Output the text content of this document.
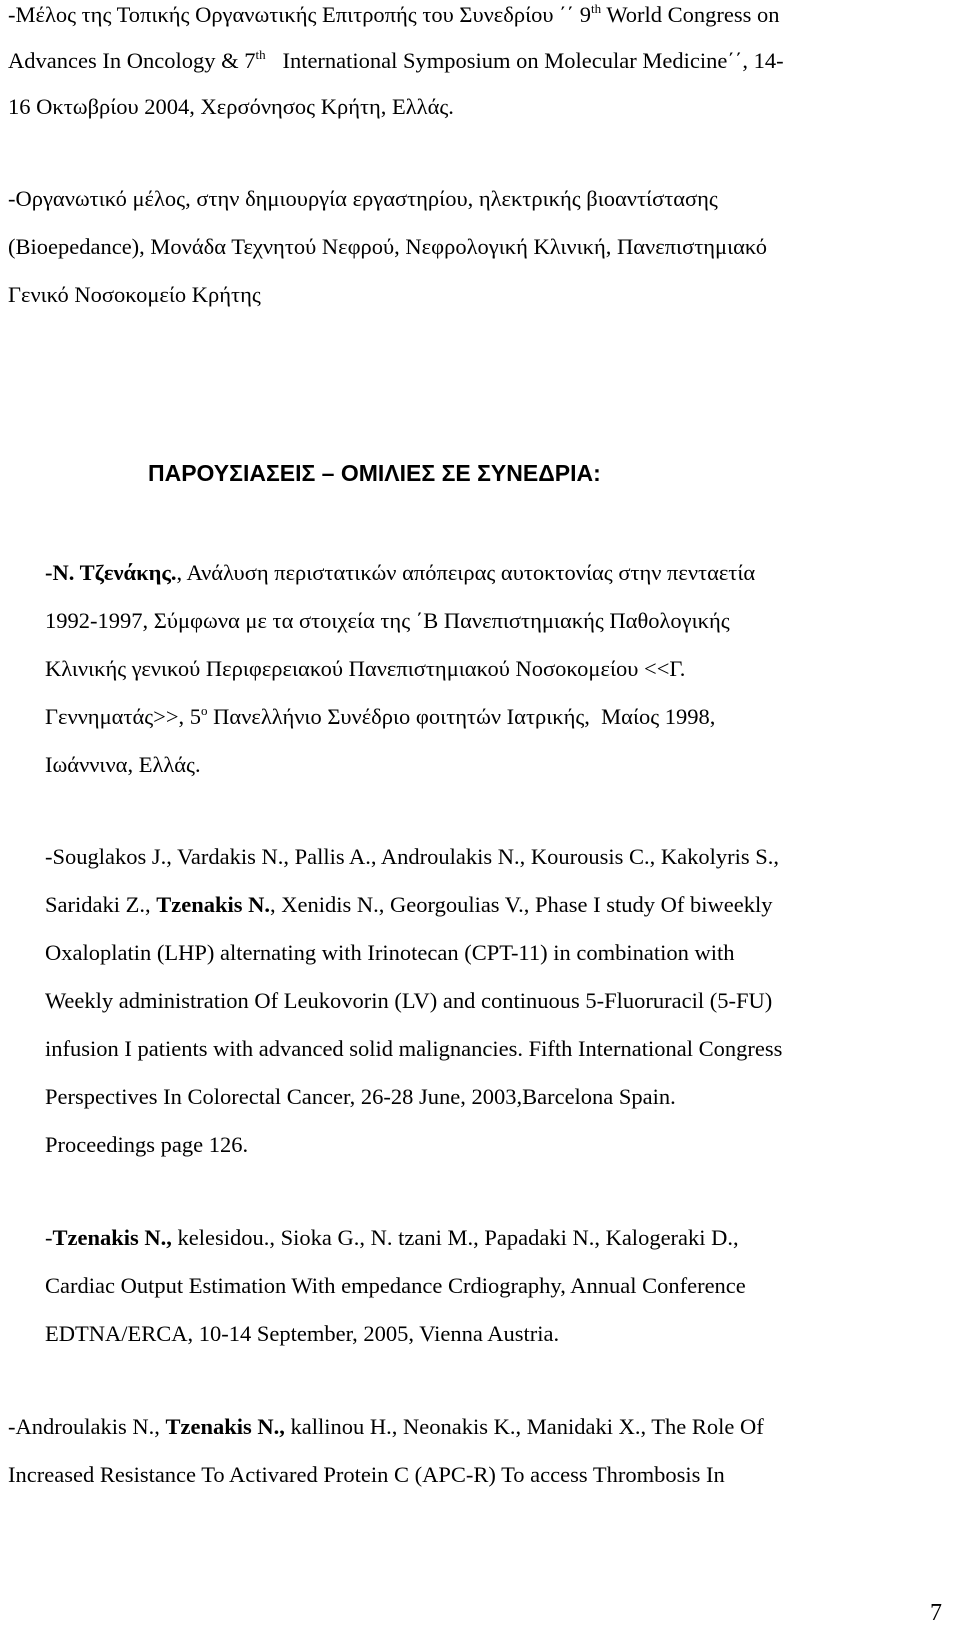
-Μέλος της Τοπικής Οργανωτικής Επιτροπής του Συνεδρίου ΄΄ 9th World Congress on
Advances In Oncology & 7th   International Symposium on Molecular Medicine΄΄, 14-
16 Οκτωβρίου 2004, Χερσόνησος Κρήτη, Ελλάς.
-Οργανωτικό μέλος, στην δημιουργία εργαστηρίου, ηλεκτρικής βιοαντίστασης
(Bioepedance), Μονάδα Τεχνητού Νεφρού, Νεφρολογική Κλινική, Πανεπιστημιακό
Γενικό Νοσοκομείο Κρήτης
ΠΑΡΟΥΣΙΑΣΕΙΣ – ΟΜΙΛΙΕΣ ΣΕ ΣΥΝΕΔΡΙΑ:
-Ν. Τζενάκης., Ανάλυση περιστατικών απόπειρας αυτοκτονίας στην πενταετία
1992-1997, Σύμφωνα με τα στοιχεία της ΄Β Πανεπιστημιακής Παθολογικής
Κλινικής γενικού Περιφερειακού Πανεπιστημιακού Νοσοκομείου <<Γ.
Γεννηματάς>>, $5^o$ Πανελλήνιο Συνέδριο φοιτητών Ιατρικής,  Μαίος 1998,
Ιωάννινα, Ελλάς.
-Souglakos J., Vardakis N., Pallis A., Androulakis N., Kourousis C., Kakolyris S.,
Saridaki Z., Tzenakis N., Xenidis N., Georgoulias V., Phase I study Of biweekly
Oxaloplatin (LHP) alternating with Irinotecan (CPT-11) in combination with
Weekly administration Of Leukovorin (LV) and continuous 5-Fluoruracil (5-FU)
infusion I patients with advanced solid malignancies. Fifth International Congress
Perspectives In Colorectal Cancer, 26-28 June, 2003,Barcelona Spain.
Proceedings page 126.
-Tzenakis N., kelesidou., Sioka G., N. tzani M., Papadaki N., Kalogeraki D.,
Cardiac Output Estimation With empedance Crdiography, Annual Conference
EDTNA/ERCA, 10-14 September, 2005, Vienna Austria.
-Androulakis N., Tzenakis N., kallinou H., Neonakis K., Manidaki X., The Role Of
Increased Resistance To Activared Protein C (APC-R) To access Thrombosis In
7
